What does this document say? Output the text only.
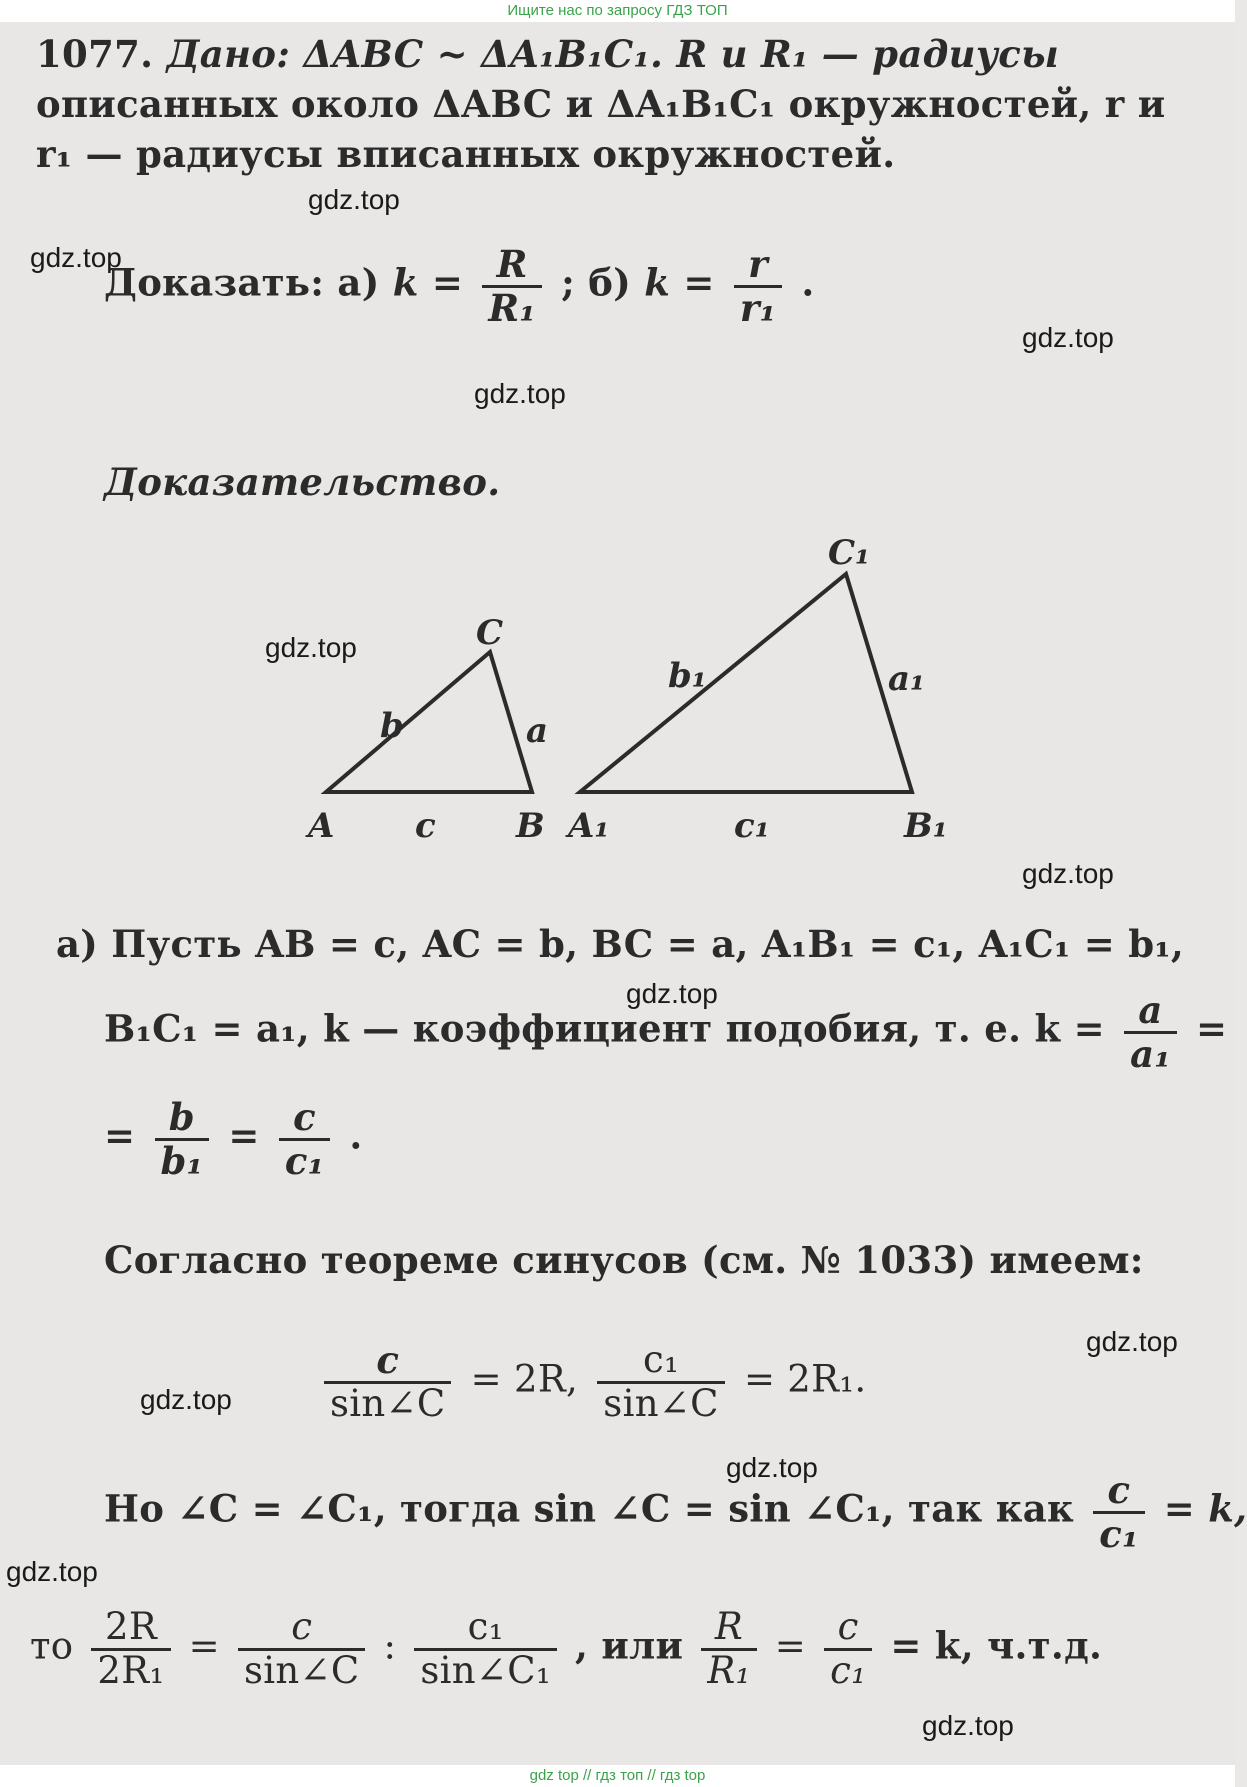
Ищите нас по запросу ГДЗ ТОП
1077. Дано: ΔABC ~ ΔA₁B₁C₁. R и R₁ — радиусы
описанных около ΔABC и ΔA₁B₁C₁ окружностей, r и
r₁ — радиусы вписанных окружностей.
Доказать: а) $k = \frac{R}{\text{R₁}}$ ; б) $k = \frac{r}{\text{r₁}}$ .
Доказательство.
A c B
C
b	a
A₁	c₁	B₁
C₁
b₁	a₁
а) Пусть AB = c, AC = b, BC = a, A₁B₁ = c₁, A₁C₁ = b₁,
B₁C₁ = a₁, k — коэффициент подобия, т. е. $k = \frac{a}{\text{a₁}}$ =
= $\frac{b}{\text{b₁}} = \frac{c}{\text{c₁}}$ .
Согласно теореме синусов (см. № 1033) имеем:
$\frac{c}{\sin\angle C} = 2R$, $\frac{\text{c₁}}{\sin\angle C} = 2R_1$.
Но ∠C = ∠C₁, тогда sin ∠C = sin ∠C₁, так как $\frac{c}{\text{c₁}} = k$,
то $\frac{2R}{\text{2R₁}} = \frac{c}{\sin\angle C}$ : $\frac{\text{c₁}}{\text{sin∠C₁}}$ , или $\frac{R}{\text{R₁}} = \frac{c}{\text{c₁}} = k$, ч.т.д.
gdz.top
gdz.top
gdz.top
gdz.top
gdz.top
gdz.top
gdz.top
gdz.top
gdz.top
gdz.top
gdz.top
gdz.top
gdz top // гдз топ // гдз top
